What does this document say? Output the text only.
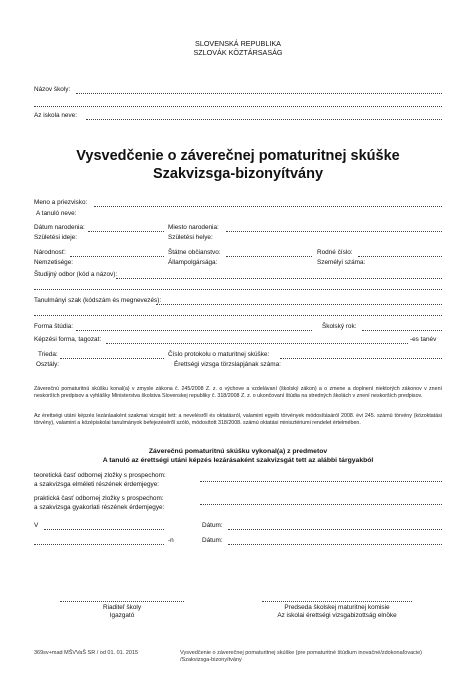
SLOVENSKÁ REPUBLIKA
SZLOVÁK KÖZTÁRSASÁG
Názov školy:
Az iskola neve:
Vysvedčenie o záverečnej pomaturitnej skúške
Szakvizsga-bizonyítvány
Meno a priezvisko:
A tanuló neve:
Dátum narodenia:	Miesto narodenia:
Születési ideje:	Születési helye:
Národnosť:	Štátne občianstvo:	Rodné číslo:
Nemzetisége:	Állampolgársága:	Személyi száma:
Študijný odbor (kód a názov):
Tanulmányi szak (kódszám és megnevezés):
Forma štúdia:	Školský rok:
Képzési forma, tagozat:	-es tanév
Trieda:	Číslo protokolu o maturitnej skúške:
Osztály:	Érettségi vizsga törzslapjának száma:
Záverečnú pomaturitnú skúšku konal(a) v zmysle zákona č. 245/2008 Z. z. o výchove a vzdelávaní (školský zákon) a o zmene a doplnení niektorých zákonov v znení neskorších predpisov a vyhlášky Ministerstva školstva Slovenskej republiky č. 318/2008 Z. z. o ukončovaní štúdia na stredných školách v znení neskorších predpisov.
Az érettségi utáni képzés lezárásaként szakmai vizsgát tett: a nevelésről és oktatásról, valamint egyéb törvények módosításáról 2008. évi 245. számú törvény (közoktatási törvény), valamint a középiskolai tanulmányok befejezéséről szóló, módosított 318/2008. számú oktatási minisztériumi rendelet értelmében.
Záverečnú pomaturitnú skúšku vykonal(a) z predmetov
A tanuló az érettségi utáni képzés lezárásaként szakvizsgát tett az alábbi tárgyakból
teoretická časť odbornej zložky s prospechom:
a szakvizsga elméleti részének érdemjegye:
praktická časť odbornej zložky s prospechom:
a szakvizsga gyakorlati részének érdemjegye:
V	Dátum:
-n	Dátum:
Riaditeľ školy
Igazgató
Predseda školskej maturitnej komisie
Az iskolai érettségi vizsgabizottság elnöke
369sv+mad MŠVVaŠ SR / od 01. 01. 2015	Vysvedčenie o záverečnej pomaturitnej skúške (pre pomaturitné štúdium inovačné/zdokonaľovacie)
/Szakvizsga-bizonyítvány
